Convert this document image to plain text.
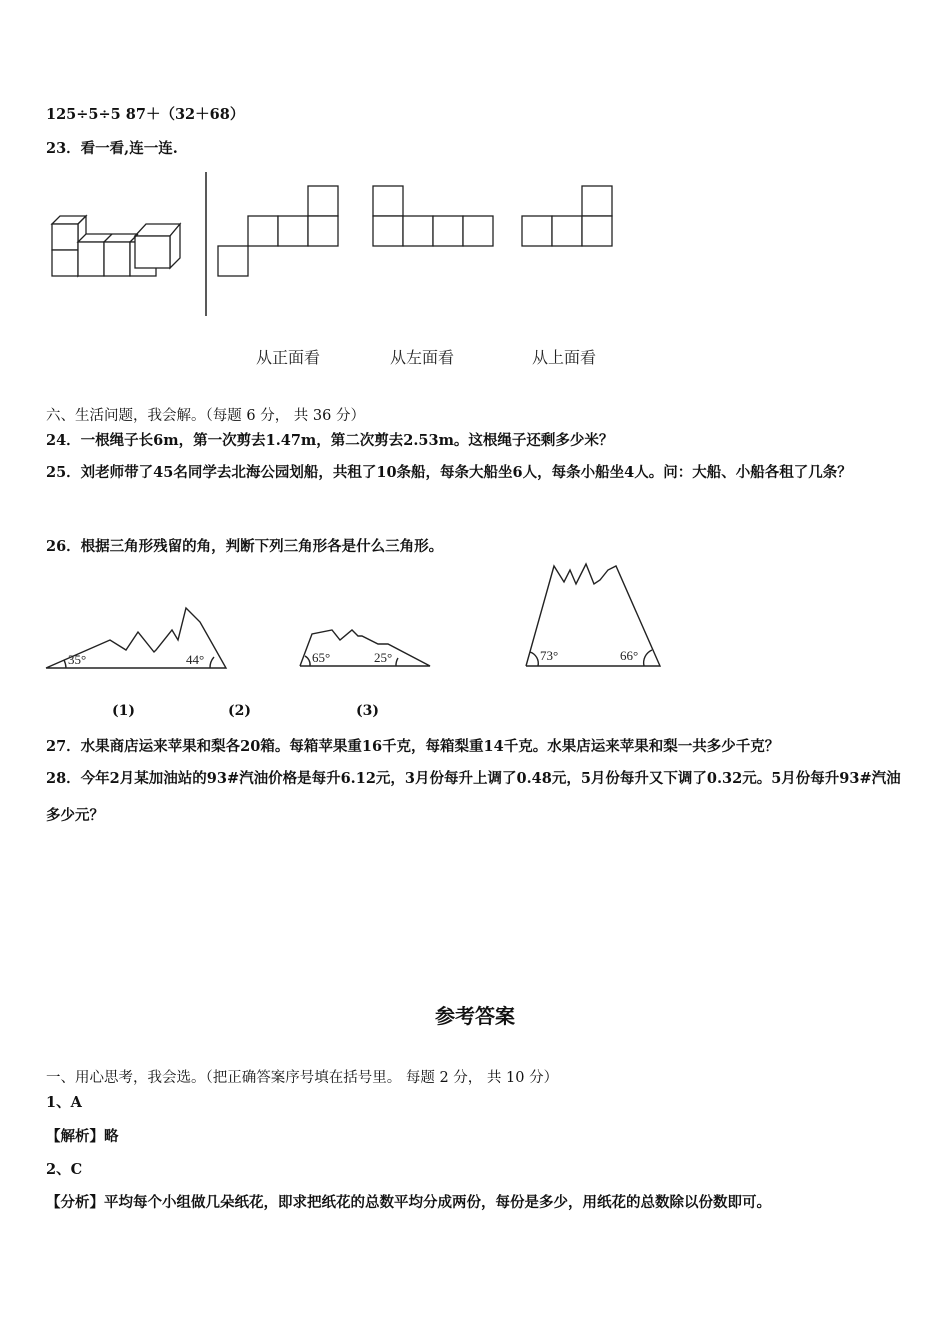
125÷5÷5 87＋（32＋68）
23．看一看,连一连.
从正面看	从左面看	从上面看
六、生活问题，我会解。（每题 6 分， 共 36 分）
24．一根绳子长6m，第一次剪去1.47m，第二次剪去2.53m。这根绳子还剩多少米？
25．刘老师带了45名同学去北海公园划船，共租了10条船，每条大船坐6人，每条小船坐4人。问：大船、小船各租了几条？
26．根据三角形残留的角，判断下列三角形各是什么三角形。
35°	44°	65°	25°	73°	66°
(1)	(2)	(3)
27．水果商店运来苹果和梨各20箱。每箱苹果重16千克，每箱梨重14千克。水果店运来苹果和梨一共多少千克？
28．今年2月某加油站的93#汽油价格是每升6.12元，3月份每升上调了0.48元，5月份每升又下调了0.32元。5月份每升93#汽油多少元？
参考答案
一、用心思考，我会选。（把正确答案序号填在括号里。 每题 2 分， 共 10 分）
1、A
【解析】略
2、C
【分析】平均每个小组做几朵纸花，即求把纸花的总数平均分成两份，每份是多少，用纸花的总数除以份数即可。
